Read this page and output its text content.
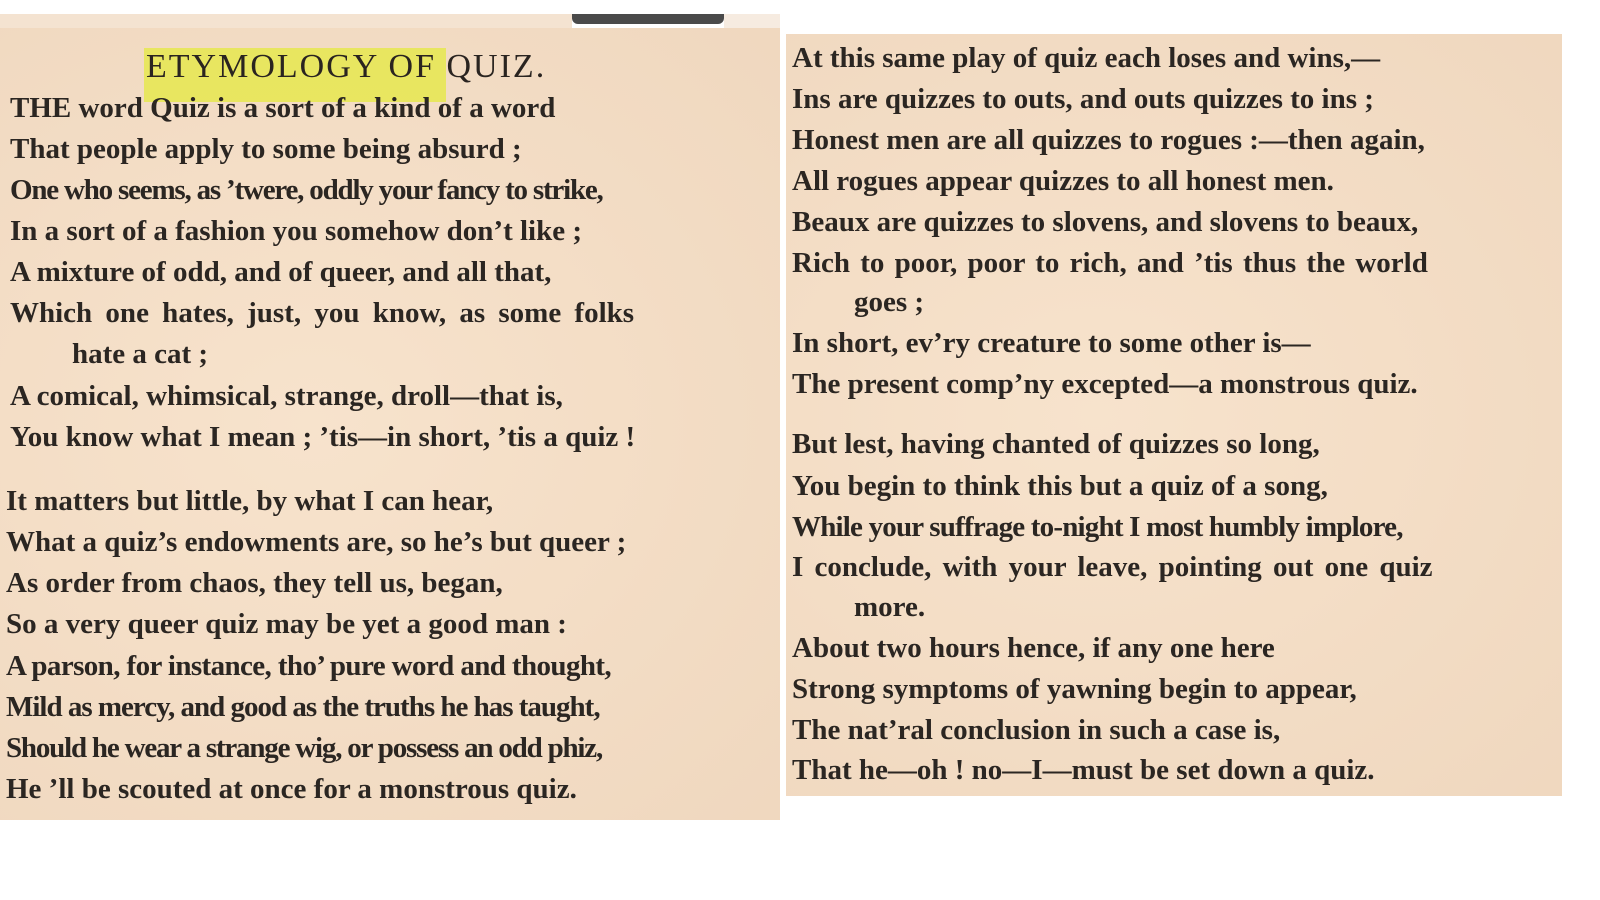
ETYMOLOGY OF QUIZ.
THE word Quiz is a sort of a kind of a word
That people apply to some being absurd ;
One who seems, as ’twere, oddly your fancy to strike,
In a sort of a fashion you somehow don’t like ;
A mixture of odd, and of queer, and all that,
Which one hates, just, you know, as some folks
hate a cat ;
A comical, whimsical, strange, droll—that is,
You know what I mean ; ’tis—in short, ’tis a quiz !
It matters but little, by what I can hear,
What a quiz’s endowments are, so he’s but queer ;
As order from chaos, they tell us, began,
So a very queer quiz may be yet a good man :
A parson, for instance, tho’ pure word and thought,
Mild as mercy, and good as the truths he has taught,
Should he wear a strange wig, or possess an odd phiz,
He ’ll be scouted at once for a monstrous quiz.
At this same play of quiz each loses and wins,—
Ins are quizzes to outs, and outs quizzes to ins ;
Honest men are all quizzes to rogues :—then again,
All rogues appear quizzes to all honest men.
Beaux are quizzes to slovens, and slovens to beaux,
Rich to poor, poor to rich, and ’tis thus the world
goes ;
In short, ev’ry creature to some other is—
The present comp’ny excepted—a monstrous quiz.
But lest, having chanted of quizzes so long,
You begin to think this but a quiz of a song,
While your suffrage to-night I most humbly implore,
I conclude, with your leave, pointing out one quiz
more.
About two hours hence, if any one here
Strong symptoms of yawning begin to appear,
The nat’ral conclusion in such a case is,
That he—oh ! no—I—must be set down a quiz.
